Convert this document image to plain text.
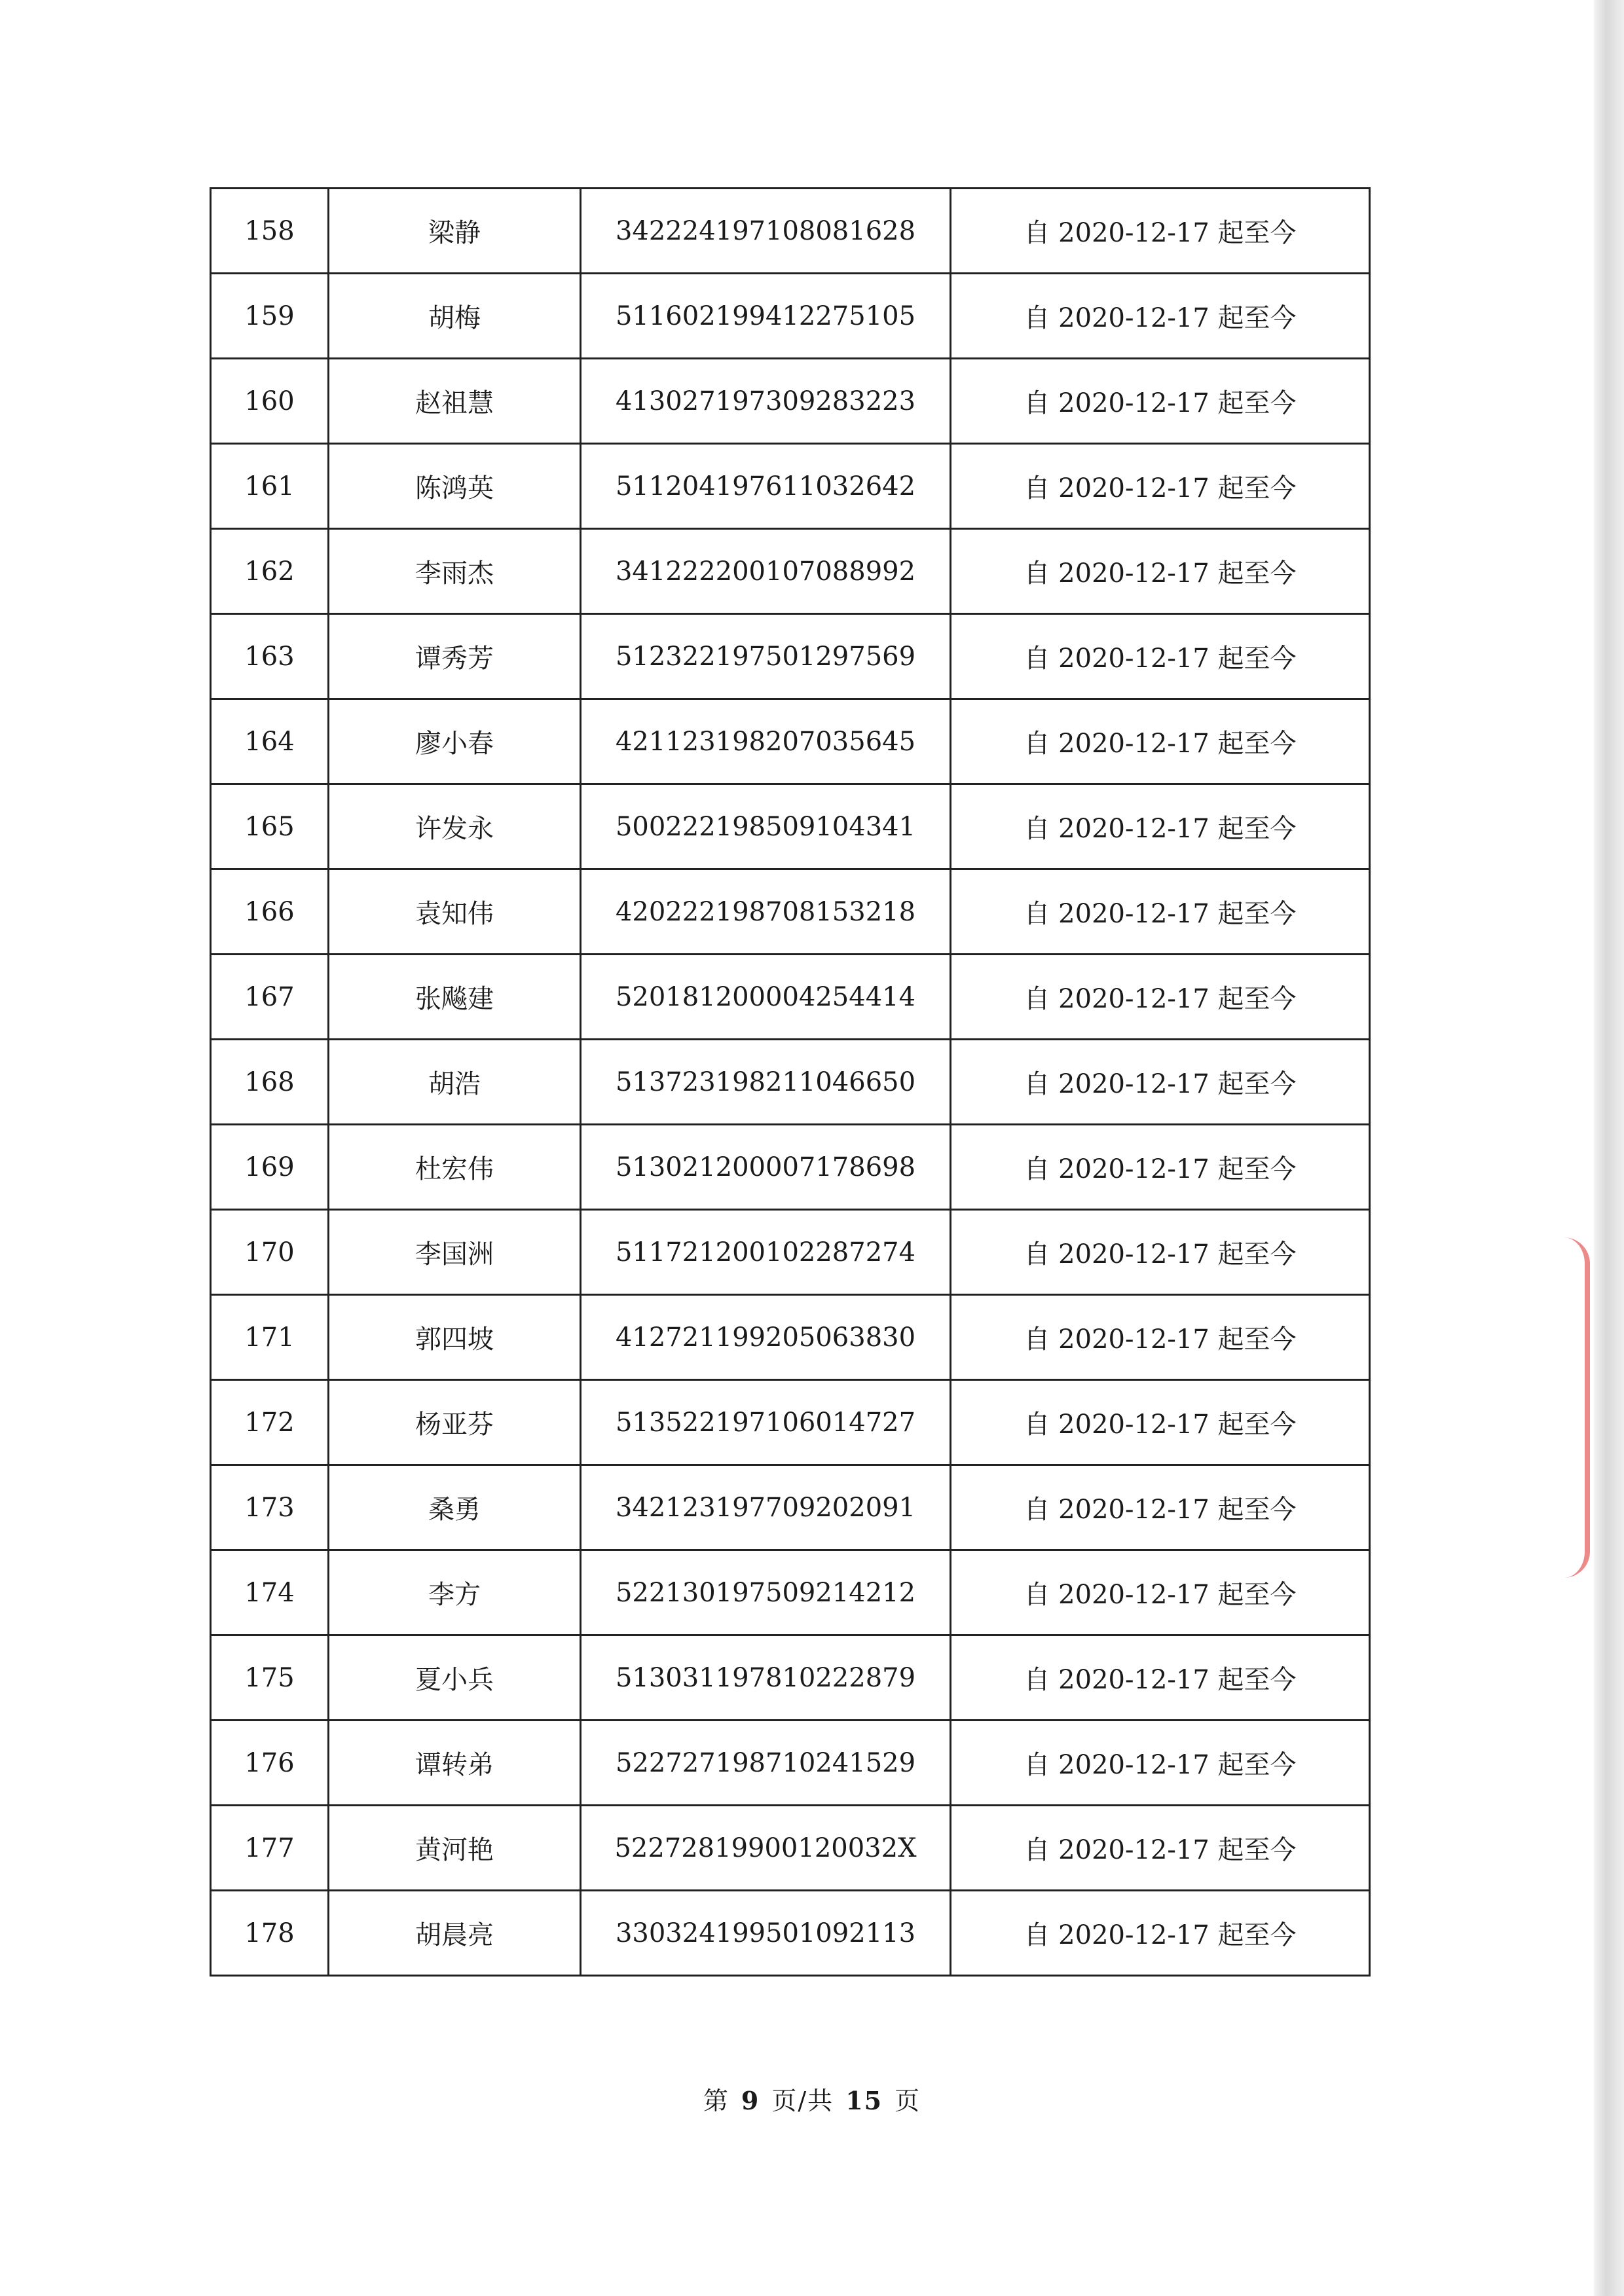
158	梁静	342224197108081628	自 2020-12-17 起至今
159	胡梅	511602199412275105	自 2020-12-17 起至今
160	赵祖慧	413027197309283223	自 2020-12-17 起至今
161	陈鸿英	511204197611032642	自 2020-12-17 起至今
162	李雨杰	341222200107088992	自 2020-12-17 起至今
163	谭秀芳	512322197501297569	自 2020-12-17 起至今
164	廖小春	421123198207035645	自 2020-12-17 起至今
165	许发永	500222198509104341	自 2020-12-17 起至今
166	袁知伟	420222198708153218	自 2020-12-17 起至今
167	张飚建	520181200004254414	自 2020-12-17 起至今
168	胡浩	513723198211046650	自 2020-12-17 起至今
169	杜宏伟	513021200007178698	自 2020-12-17 起至今
170	李国洲	511721200102287274	自 2020-12-17 起至今
171	郭四坡	412721199205063830	自 2020-12-17 起至今
172	杨亚芬	513522197106014727	自 2020-12-17 起至今
173	桑勇	342123197709202091	自 2020-12-17 起至今
174	李方	522130197509214212	自 2020-12-17 起至今
175	夏小兵	513031197810222879	自 2020-12-17 起至今
176	谭转弟	522727198710241529	自 2020-12-17 起至今
177	黄河艳	52272819900120032X	自 2020-12-17 起至今
178	胡晨亮	330324199501092113	自 2020-12-17 起至今
第 9 页/共 15 页
